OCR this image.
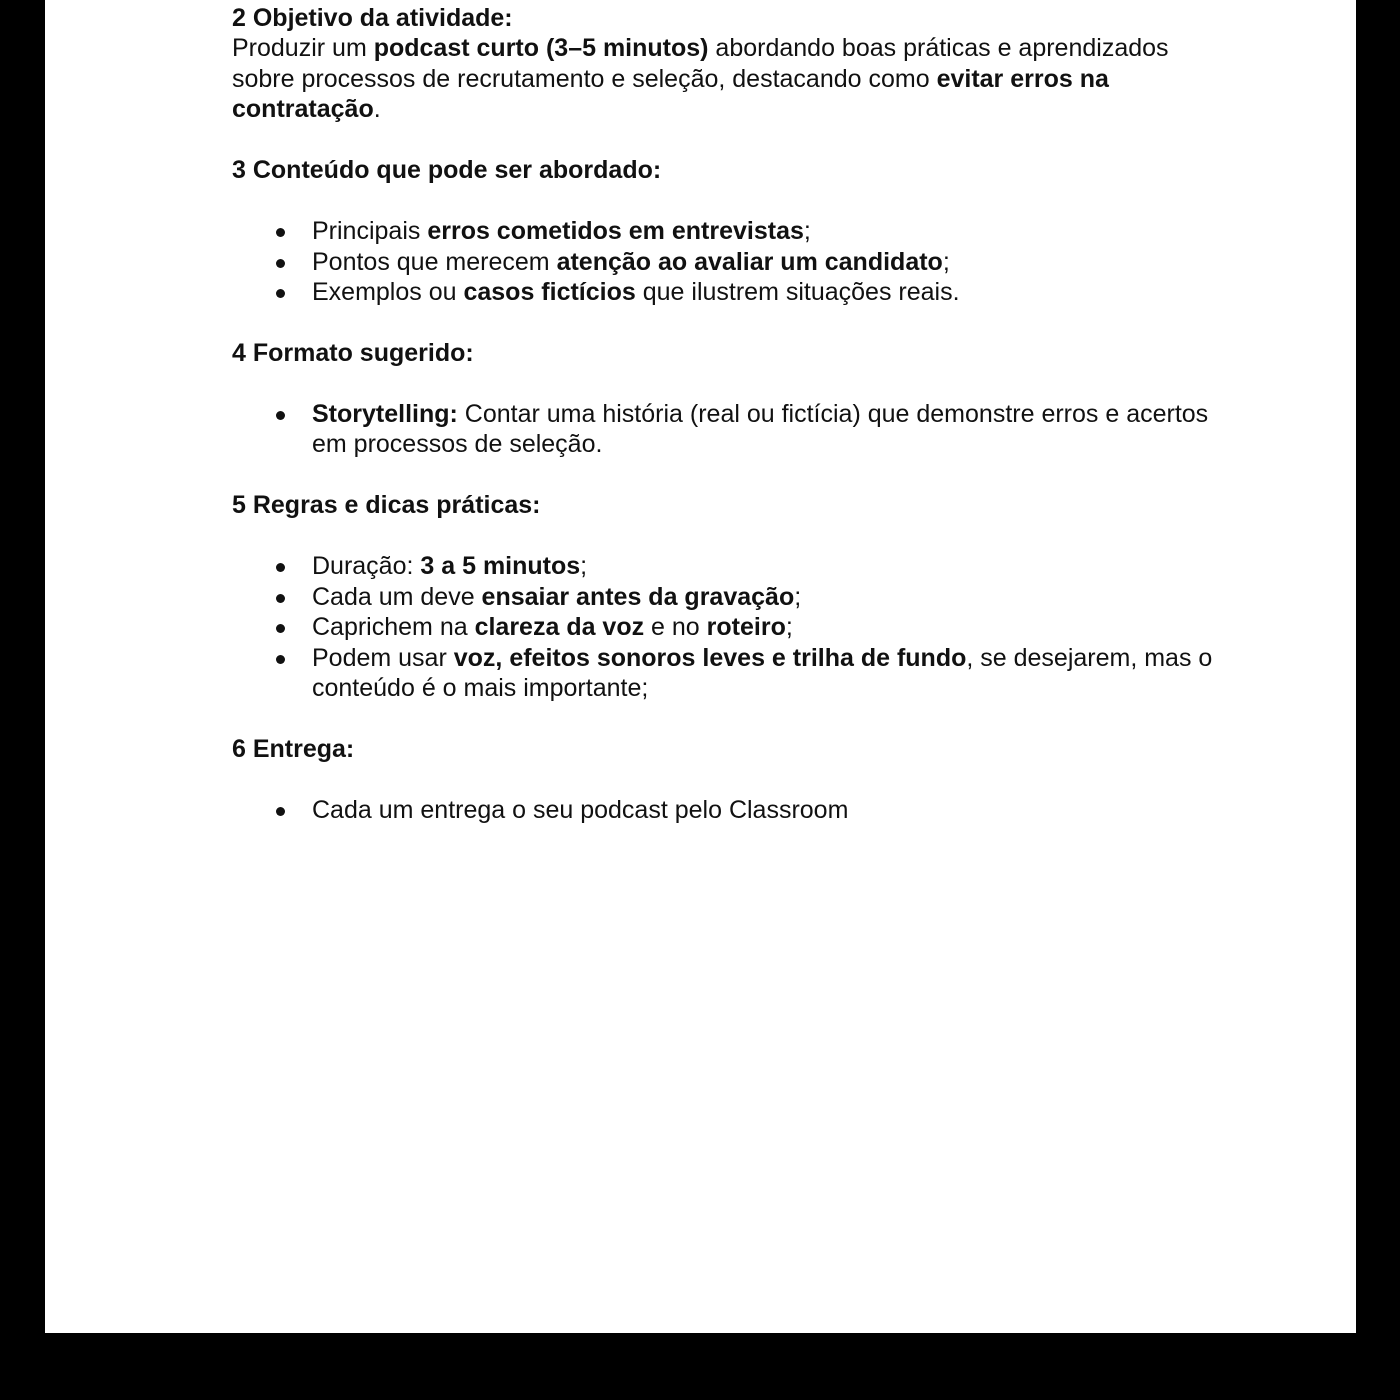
2 Objetivo da atividade:
Produzir um podcast curto (3–5 minutos) abordando boas práticas e aprendizados
sobre processos de recrutamento e seleção, destacando como evitar erros na
contratação.
3 Conteúdo que pode ser abordado:
Principais erros cometidos em entrevistas;
Pontos que merecem atenção ao avaliar um candidato;
Exemplos ou casos fictícios que ilustrem situações reais.
4 Formato sugerido:
Storytelling: Contar uma história (real ou fictícia) que demonstre erros e acertos
em processos de seleção.
5 Regras e dicas práticas:
Duração: 3 a 5 minutos;
Cada um deve ensaiar antes da gravação;
Caprichem na clareza da voz e no roteiro;
Podem usar voz, efeitos sonoros leves e trilha de fundo, se desejarem, mas o
conteúdo é o mais importante;
6 Entrega:
Cada um entrega o seu podcast pelo Classroom
